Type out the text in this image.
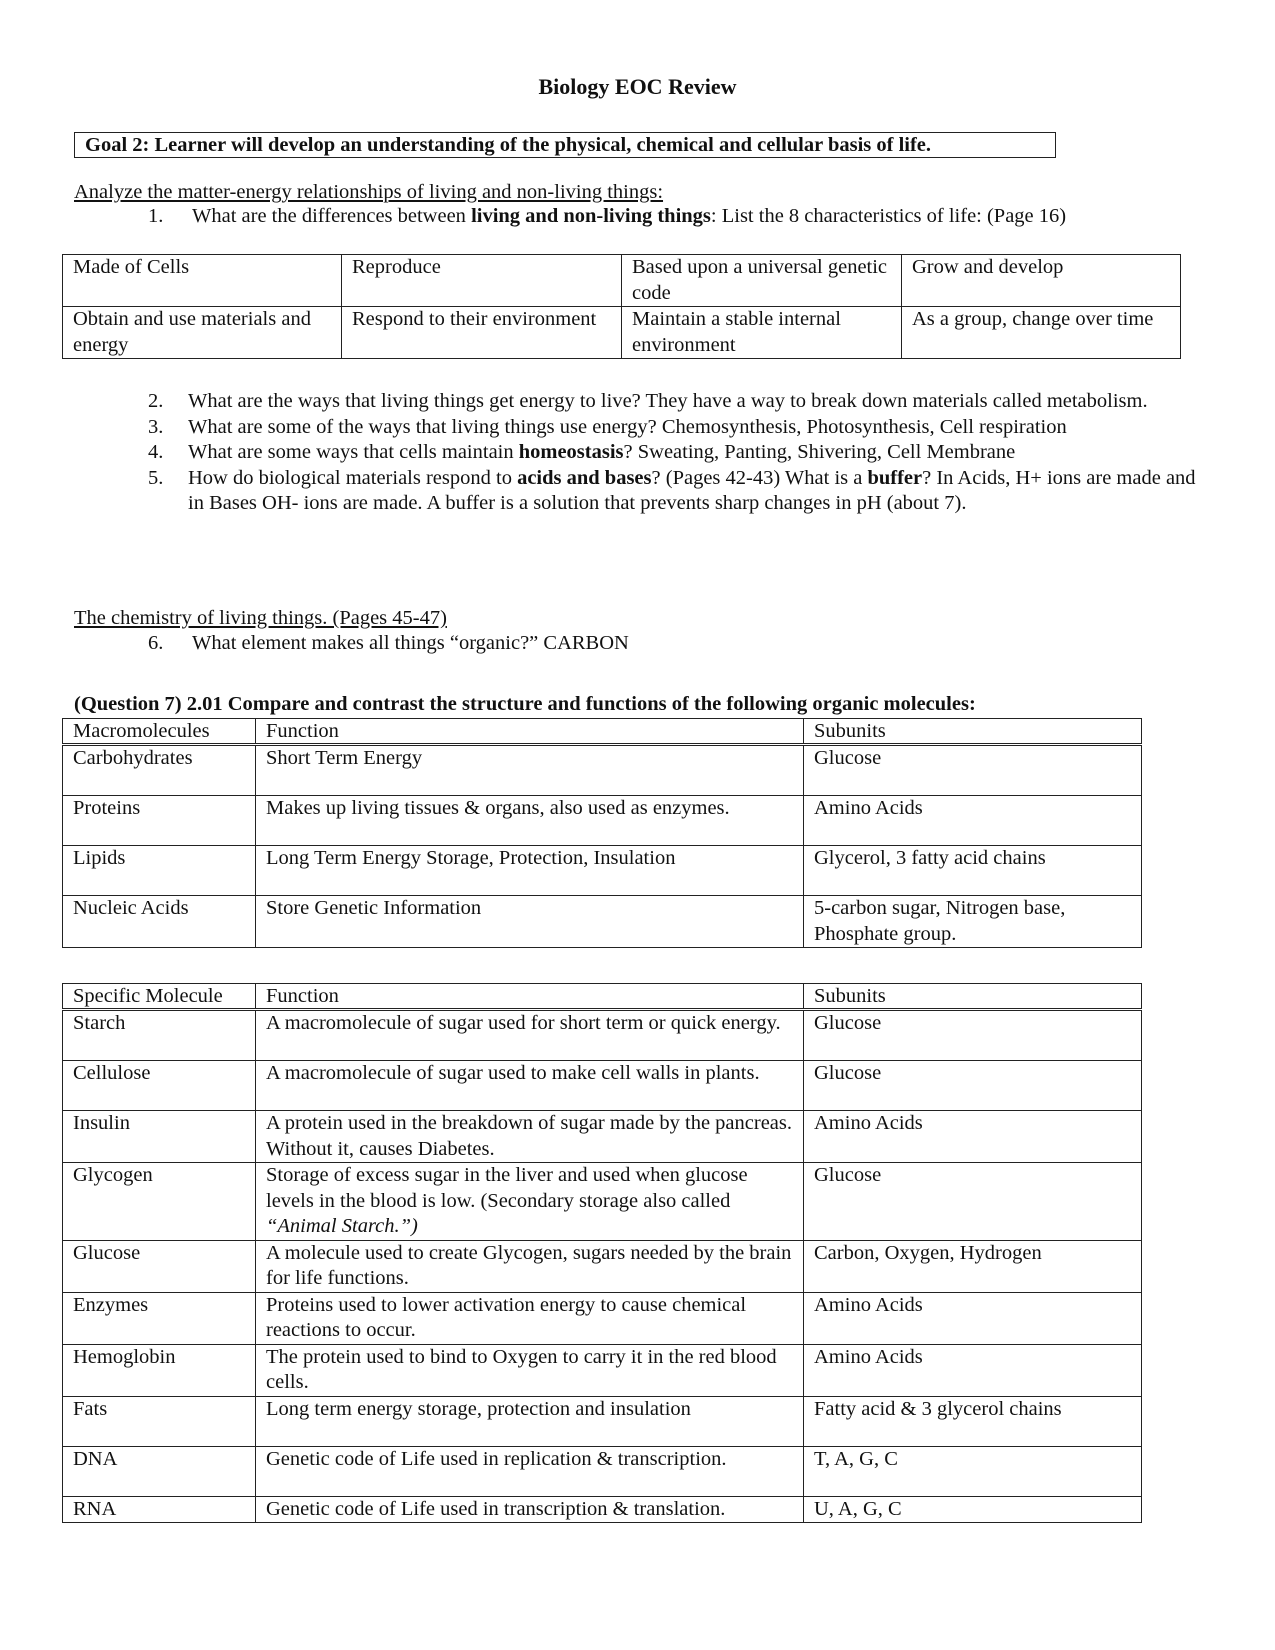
Biology EOC Review
Goal 2: Learner will develop an understanding of the physical, chemical and cellular basis of life.
Analyze the matter-energy relationships of living and non-living things:
1. What are the differences between living and non-living things: List the 8 characteristics of life: (Page 16)
Made of Cells	Reproduce	Based upon a universal genetic code	Grow and develop
Obtain and use materials and energy	Respond to their environment	Maintain a stable internal environment	As a group, change over time
2. What are the ways that living things get energy to live? They have a way to break down materials called metabolism.
3. What are some of the ways that living things use energy? Chemosynthesis, Photosynthesis, Cell respiration
4. What are some ways that cells maintain homeostasis? Sweating, Panting, Shivering, Cell Membrane
5. How do biological materials respond to acids and bases? (Pages 42-43) What is a buffer? In Acids, H+ ions are made and in Bases OH- ions are made. A buffer is a solution that prevents sharp changes in pH (about 7).
The chemistry of living things. (Pages 45-47)
6. What element makes all things “organic?” CARBON
(Question 7) 2.01 Compare and contrast the structure and functions of the following organic molecules:
Macromolecules	Function	Subunits
Carbohydrates	Short Term Energy	Glucose
Proteins	Makes up living tissues & organs, also used as enzymes.	Amino Acids
Lipids	Long Term Energy Storage, Protection, Insulation	Glycerol, 3 fatty acid chains
Nucleic Acids	Store Genetic Information	5-carbon sugar, Nitrogen base, Phosphate group.
Specific Molecule	Function	Subunits
Starch	A macromolecule of sugar used for short term or quick energy.	Glucose
Cellulose	A macromolecule of sugar used to make cell walls in plants.	Glucose
Insulin	A protein used in the breakdown of sugar made by the pancreas. Without it, causes Diabetes.	Amino Acids
Glycogen	Storage of excess sugar in the liver and used when glucose levels in the blood is low. (Secondary storage also called “Animal Starch.”)	Glucose
Glucose	A molecule used to create Glycogen, sugars needed by the brain for life functions.	Carbon, Oxygen, Hydrogen
Enzymes	Proteins used to lower activation energy to cause chemical reactions to occur.	Amino Acids
Hemoglobin	The protein used to bind to Oxygen to carry it in the red blood cells.	Amino Acids
Fats	Long term energy storage, protection and insulation	Fatty acid & 3 glycerol chains
DNA	Genetic code of Life used in replication & transcription.	T, A, G, C
RNA	Genetic code of Life used in transcription & translation.	U, A, G, C
